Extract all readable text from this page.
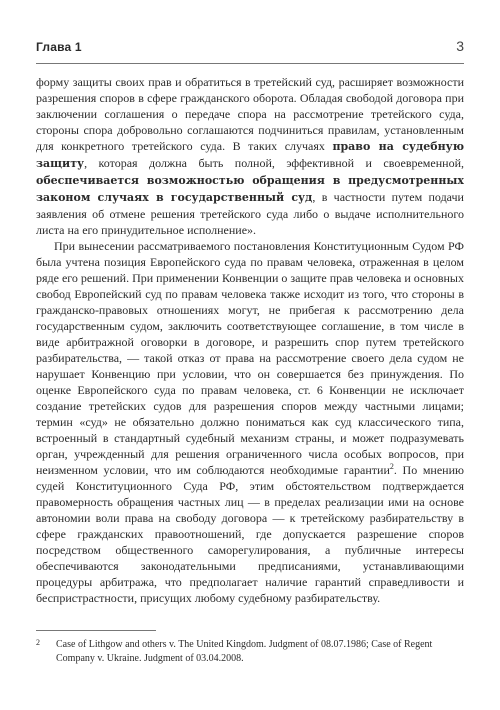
Глава 1	3

форму защиты своих прав и обратиться в третейский суд, расширяет возможности разрешения споров в сфере гражданского оборота. Обладая свободой договора при заключении соглашения о передаче спора на рассмотрение третейского суда, стороны спора добровольно соглашаются подчиниться правилам, установленным для конкретного третейского суда. В таких случаях право на судебную защиту, которая должна быть полной, эффективной и своевременной, обеспечивается возможностью обращения в предусмотренных законом случаях в государственный суд, в частности путем подачи заявления об отмене решения третейского суда либо о выдаче исполнительного листа на его принудительное исполнение».

При вынесении рассматриваемого постановления Конституционным Судом РФ была учтена позиция Европейского суда по правам человека, отраженная в целом ряде его решений. При применении Конвенции о защите прав человека и основных свобод Европейский суд по правам человека также исходит из того, что стороны в гражданско-правовых отношениях могут, не прибегая к рассмотрению дела государственным судом, заключить соответствующее соглашение, в том числе в виде арбитражной оговорки в договоре, и разрешить спор путем третейского разбирательства, — такой отказ от права на рассмотрение своего дела судом не нарушает Конвенцию при условии, что он совершается без принуждения. По оценке Европейского суда по правам человека, ст. 6 Конвенции не исключает создание третейских судов для разрешения споров между частными лицами; термин «суд» не обязательно должно пониматься как суд классического типа, встроенный в стандартный судебный механизм страны, и может подразумевать орган, учрежденный для решения ограниченного числа особых вопросов, при неизменном условии, что им соблюдаются необходимые гарантии$^2$. По мнению судей Конституционного Суда РФ, этим обстоятельством подтверждается правомерность обращения частных лиц — в пределах реализации ими на основе автономии воли права на свободу договора — к третейскому разбирательству в сфере гражданских правоотношений, где допускается разрешение споров посредством общественного саморегулирования, а публичные интересы обеспечиваются законодательными предписаниями, устанавливающими процедуры арбитража, что предполагает наличие гарантий справедливости и беспристрастности, присущих любому судебному разбирательству.

2 Case of Lithgow and others v. The United Kingdom. Judgment of 08.07.1986; Case of Regent Company v. Ukraine. Judgment of 03.04.2008.
